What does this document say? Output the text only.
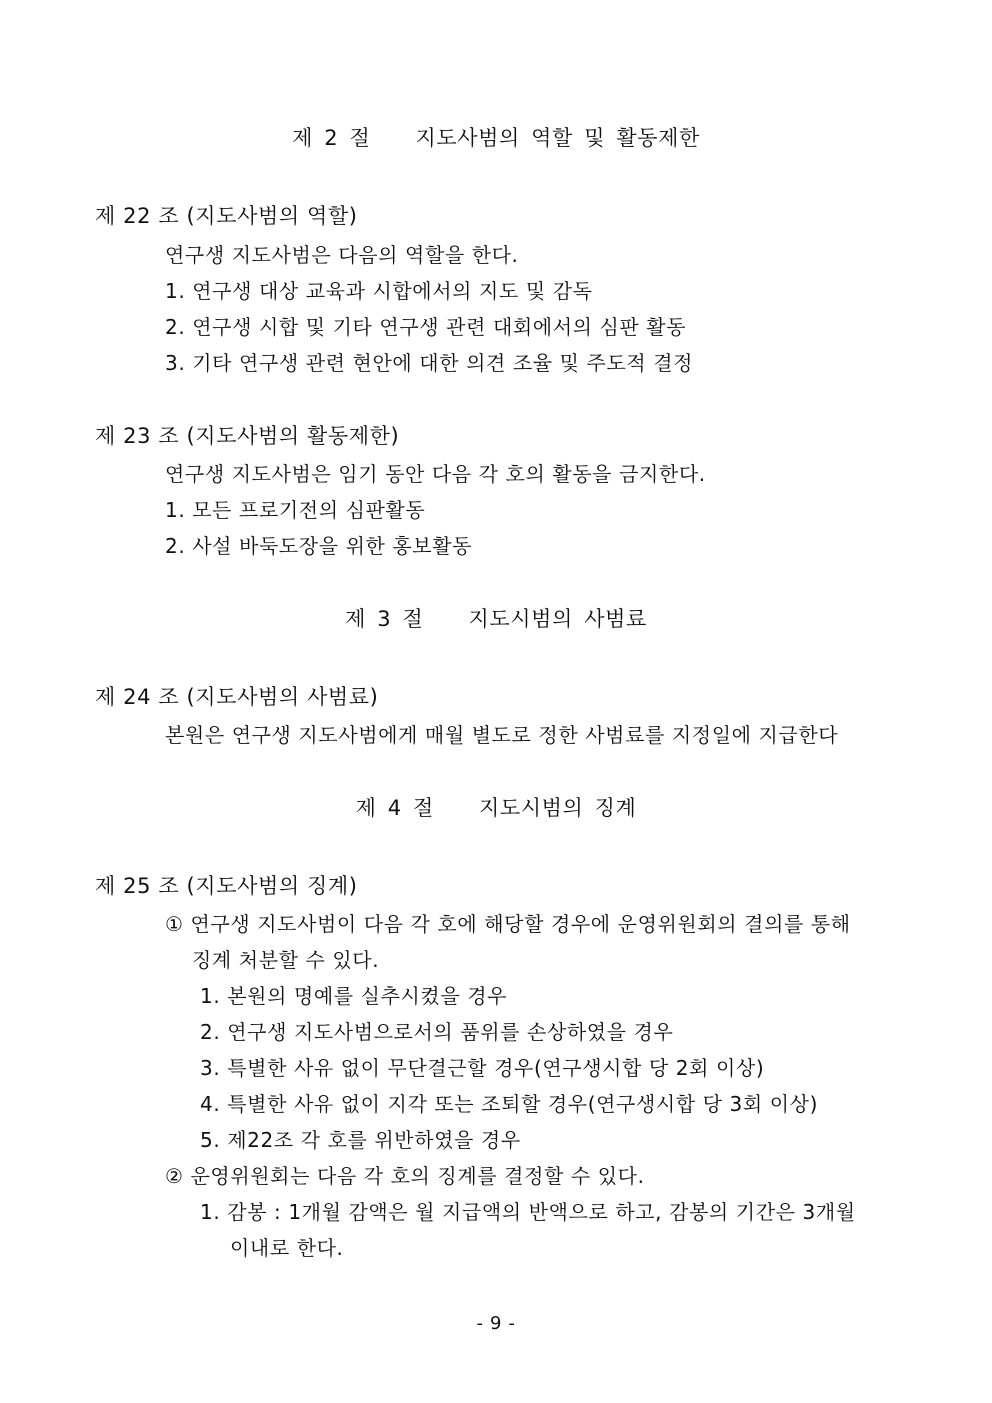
제 2 절    지도사범의 역할 및 활동제한
제 22 조 (지도사범의 역할)
연구생 지도사범은 다음의 역할을 한다.
1. 연구생 대상 교육과 시합에서의 지도 및 감독
2. 연구생 시합 및 기타 연구생 관련 대회에서의 심판 활동
3. 기타 연구생 관련 현안에 대한 의견 조율 및 주도적 결정
제 23 조 (지도사범의 활동제한)
연구생 지도사범은 임기 동안 다음 각 호의 활동을 금지한다.
1. 모든 프로기전의 심판활동
2. 사설 바둑도장을 위한 홍보활동
제 3 절    지도시범의 사범료
제 24 조 (지도사범의 사범료)
본원은 연구생 지도사범에게 매월 별도로 정한 사범료를 지정일에 지급한다
제 4 절    지도시범의 징계
제 25 조 (지도사범의 징계)
① 연구생 지도사범이 다음 각 호에 해당할 경우에 운영위원회의 결의를 통해
징계 처분할 수 있다.
1. 본원의 명예를 실추시켰을 경우
2. 연구생 지도사범으로서의 품위를 손상하였을 경우
3. 특별한 사유 없이 무단결근할 경우(연구생시합 당 2회 이상)
4. 특별한 사유 없이 지각 또는 조퇴할 경우(연구생시합 당 3회 이상)
5. 제22조 각 호를 위반하였을 경우
② 운영위원회는 다음 각 호의 징계를 결정할 수 있다.
1. 감봉 : 1개월 감액은 월 지급액의 반액으로 하고, 감봉의 기간은 3개월
이내로 한다.
- 9 -
